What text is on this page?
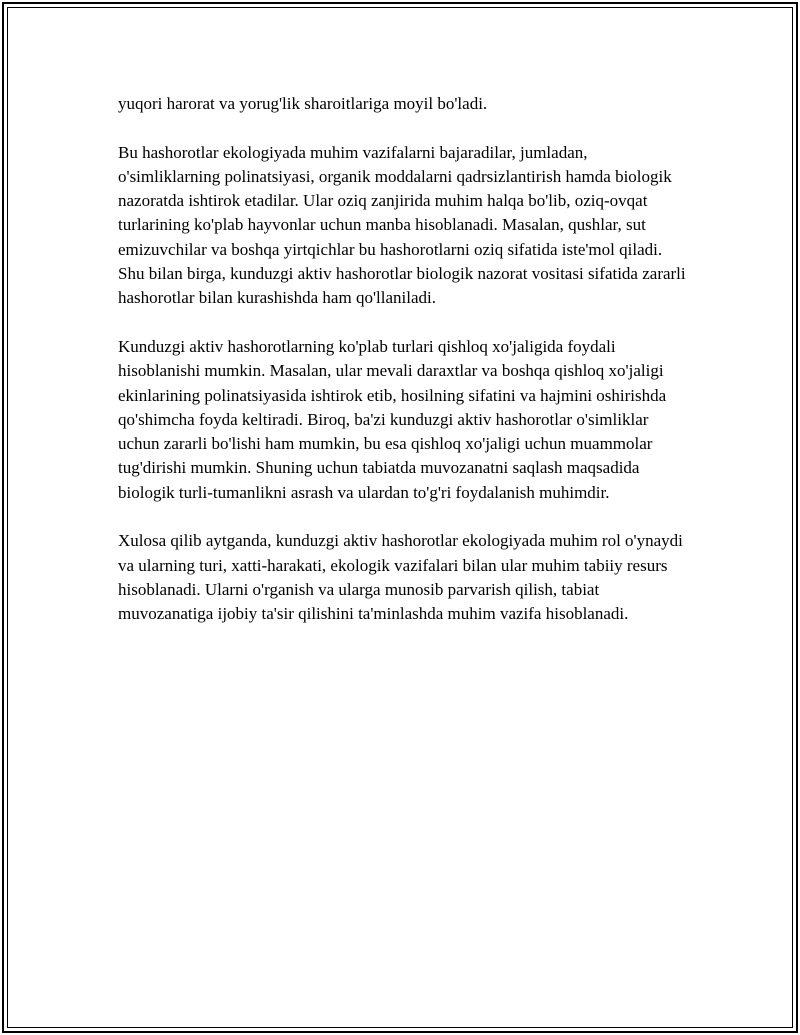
yuqori harorat va yorug'lik sharoitlariga moyil bo'ladi.

Bu hashorotlar ekologiyada muhim vazifalarni bajaradilar, jumladan, o'simliklarning polinatsiyasi, organik moddalarni qadrsizlantirish hamda biologik nazoratda ishtirok etadilar. Ular oziq zanjirida muhim halqa bo'lib, oziq-ovqat turlarining ko'plab hayvonlar uchun manba hisoblanadi. Masalan, qushlar, sut emizuvchilar va boshqa yirtqichlar bu hashorotlarni oziq sifatida iste'mol qiladi. Shu bilan birga, kunduzgi aktiv hashorotlar biologik nazorat vositasi sifatida zararli hashorotlar bilan kurashishda ham qo'llaniladi.

Kunduzgi aktiv hashorotlarning ko'plab turlari qishloq xo'jaligida foydali hisoblanishi mumkin. Masalan, ular mevali daraxtlar va boshqa qishloq xo'jaligi ekinlarining polinatsiyasida ishtirok etib, hosilning sifatini va hajmini oshirishda qo'shimcha foyda keltiradi. Biroq, ba'zi kunduzgi aktiv hashorotlar o'simliklar uchun zararli bo'lishi ham mumkin, bu esa qishloq xo'jaligi uchun muammolar tug'dirishi mumkin. Shuning uchun tabiatda muvozanatni saqlash maqsadida biologik turli-tumanlikni asrash va ulardan to'g'ri foydalanish muhimdir.

Xulosa qilib aytganda, kunduzgi aktiv hashorotlar ekologiyada muhim rol o'ynaydi va ularning turi, xatti-harakati, ekologik vazifalari bilan ular muhim tabiiy resurs hisoblanadi. Ularni o'rganish va ularga munosib parvarish qilish, tabiat muvozanatiga ijobiy ta'sir qilishini ta'minlashda muhim vazifa hisoblanadi.
